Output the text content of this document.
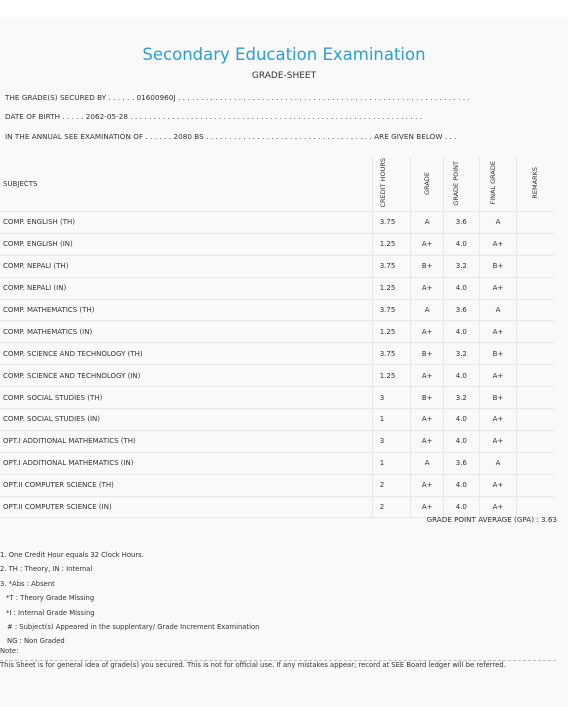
Secondary Education Examination
GRADE-SHEET
THE GRADE(S) SECURED BY . . . . . . 01600960J . . . . . . . . . . . . . . . . . . . . . . . . . . . . . . . . . . . . . . . . . . . . . . . . . . . . . . . . . . . . . . .
DATE OF BIRTH . . . . . 2062-05-28 . . . . . . . . . . . . . . . . . . . . . . . . . . . . . . . . . . . . . . . . . . . . . . . . . . . . . . . . . . . . . . .
IN THE ANNUAL SEE EXAMINATION OF . . . . . . 2080 BS . . . . . . . . . . . . . . . . . . . . . . . . . . . . . . . . . . . . ARE GIVEN BELOW . . .
SUBJECTS	CREDIT HOURS	GRADE	GRADE POINT	FINAL GRADE	REMARKS
COMP. ENGLISH (TH)	3.75	A	3.6	A	
COMP. ENGLISH (IN)	1.25	A+	4.0	A+	
COMP. NEPALI (TH)	3.75	B+	3.2	B+	
COMP. NEPALI (IN)	1.25	A+	4.0	A+	
COMP. MATHEMATICS (TH)	3.75	A	3.6	A	
COMP. MATHEMATICS (IN)	1.25	A+	4.0	A+	
COMP. SCIENCE AND TECHNOLOGY (TH)	3.75	B+	3.2	B+	
COMP. SCIENCE AND TECHNOLOGY (IN)	1.25	A+	4.0	A+	
COMP. SOCIAL STUDIES (TH)	3	B+	3.2	B+	
COMP. SOCIAL STUDIES (IN)	1	A+	4.0	A+	
OPT.I ADDITIONAL MATHEMATICS (TH)	3	A+	4.0	A+	
OPT.I ADDITIONAL MATHEMATICS (IN)	1	A	3.6	A	
OPT.II COMPUTER SCIENCE (TH)	2	A+	4.0	A+	
OPT.II COMPUTER SCIENCE (IN)	2	A+	4.0	A+	
GRADE POINT AVERAGE (GPA) : 3.63
1. One Credit Hour equals 32 Clock Hours.
2. TH : Theory, IN : Internal
3. *Abs : Absent
*T : Theory Grade Missing
*I : Internal Grade Missing
# : Subject(s) Appeared in the supplentary/ Grade Increment Examination
NG : Non Graded
Note:
This Sheet is for general idea of grade(s) you secured. This is not for official use. If any mistakes appear; record at SEE Board ledger will be referred.
